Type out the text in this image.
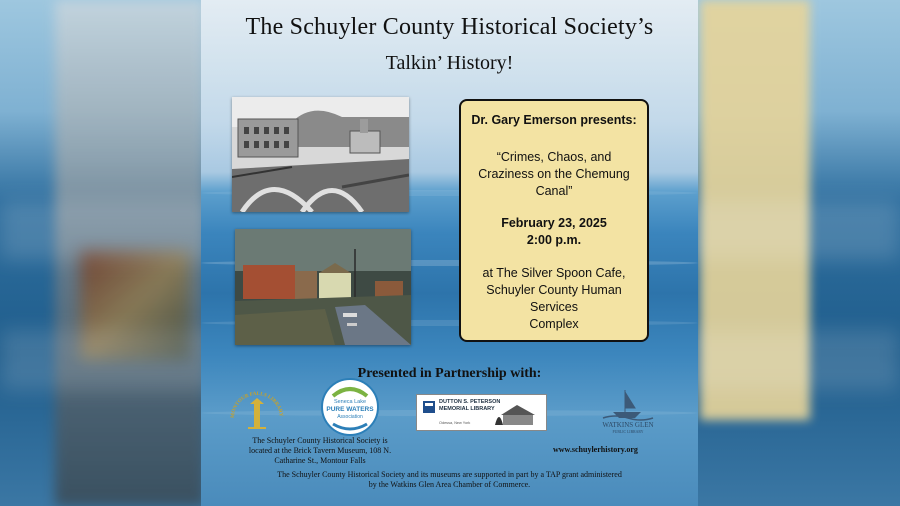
The Schuyler County Historical Society’s
Talkin’ History!
Dr. Gary Emerson presents:
“Crimes, Chaos, and
Craziness on the Chemung
Canal”
February 23, 2025
2:00 p.m.
at The Silver Spoon Cafe,
Schuyler County Human
Services
Complex
Presented in Partnership with:
MONTOUR FALLS LIBRARY
Seneca Lake
PURE WATERS
Association
DUTTON S. PETERSON
MEMORIAL LIBRARY
Odessa, New York	WATKINS GLEN
PUBLIC LIBRARY
The Schuyler County Historical Society is
located at the Brick Tavern Museum, 108 N.
Catharine St., Montour Falls
www.schuylerhistory.org
The Schuyler County Historical Society and its museums are supported in part by a TAP grant administered
by the Watkins Glen Area Chamber of Commerce.
